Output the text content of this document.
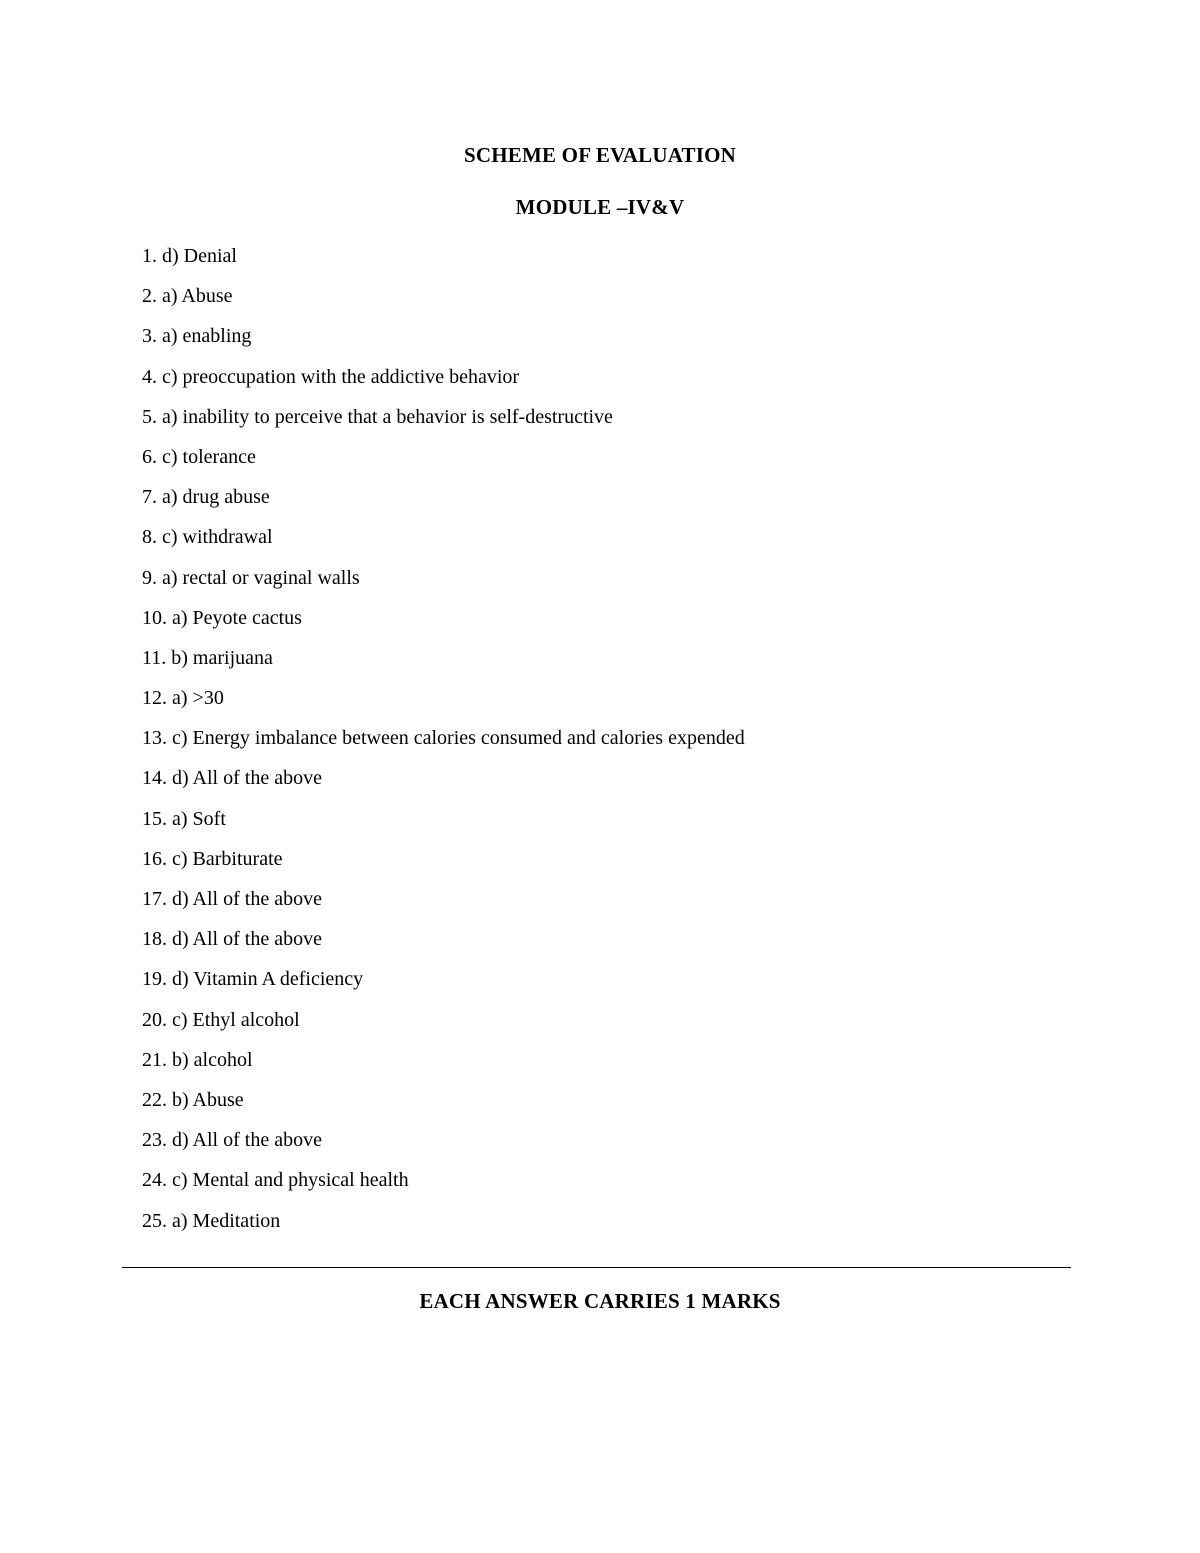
SCHEME OF EVALUATION
MODULE –IV&V
1. d) Denial
2. a) Abuse
3. a) enabling
4. c) preoccupation with the addictive behavior
5. a) inability to perceive that a behavior is self-destructive
6. c) tolerance
7. a) drug abuse
8. c) withdrawal
9. a) rectal or vaginal walls
10. a) Peyote cactus
11. b) marijuana
12. a) >30
13. c) Energy imbalance between calories consumed and calories expended
14. d) All of the above
15. a) Soft
16. c) Barbiturate
17. d) All of the above
18. d) All of the above
19. d) Vitamin A deficiency
20. c) Ethyl alcohol
21. b) alcohol
22. b) Abuse
23. d) All of the above
24. c) Mental and physical health
25. a) Meditation
EACH ANSWER CARRIES 1 MARKS
